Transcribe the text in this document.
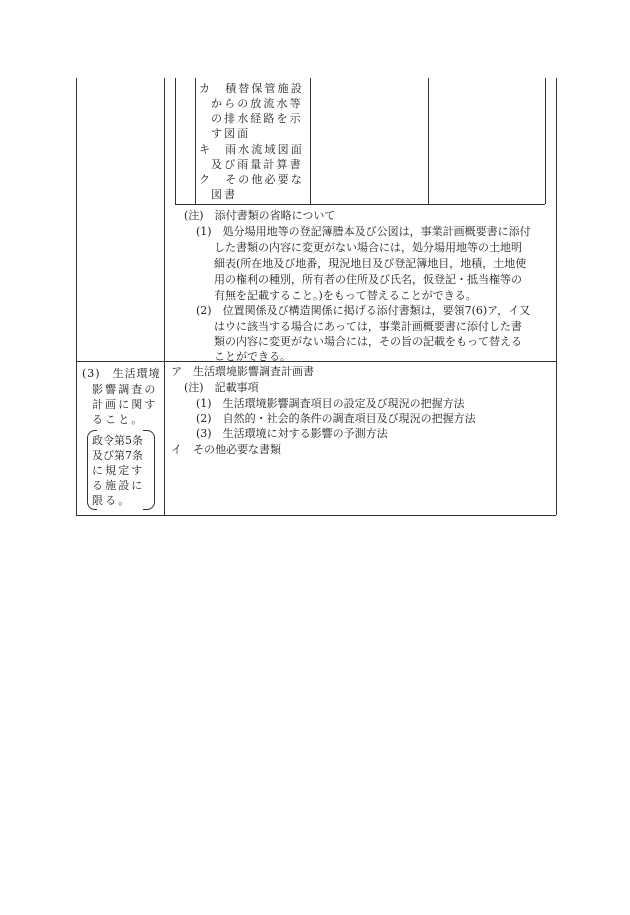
カ　積替保管施設
からの放流水等
の排水経路を示
す図面
キ　雨水流域図面
及び雨量計算書
ク　その他必要な
図書
(注)　添付書類の省略について
(1)　処分場用地等の登記簿謄本及び公図は，事業計画概要書に添付
した書類の内容に変更がない場合には，処分場用地等の土地明
細表(所在地及び地番，現況地目及び登記簿地目，地積，土地使
用の権利の種別，所有者の住所及び氏名，仮登記・抵当権等の
有無を記載すること。)をもって替えることができる。
(2)　位置関係及び構造関係に掲げる添付書類は，要領7(6)ア，イ又
はウに該当する場合にあっては，事業計画概要書に添付した書
類の内容に変更がない場合には，その旨の記載をもって替える
ことができる。
(3)　生活環境
影響調査の
計画に関す
ること。
政令第5条
及び第7条
に規定す
る施設に
限る。
ア　生活環境影響調査計画書
(注)　記載事項
(1)　生活環境影響調査項目の設定及び現況の把握方法
(2)　自然的・社会的条件の調査項目及び現況の把握方法
(3)　生活環境に対する影響の予測方法
イ　その他必要な書類
